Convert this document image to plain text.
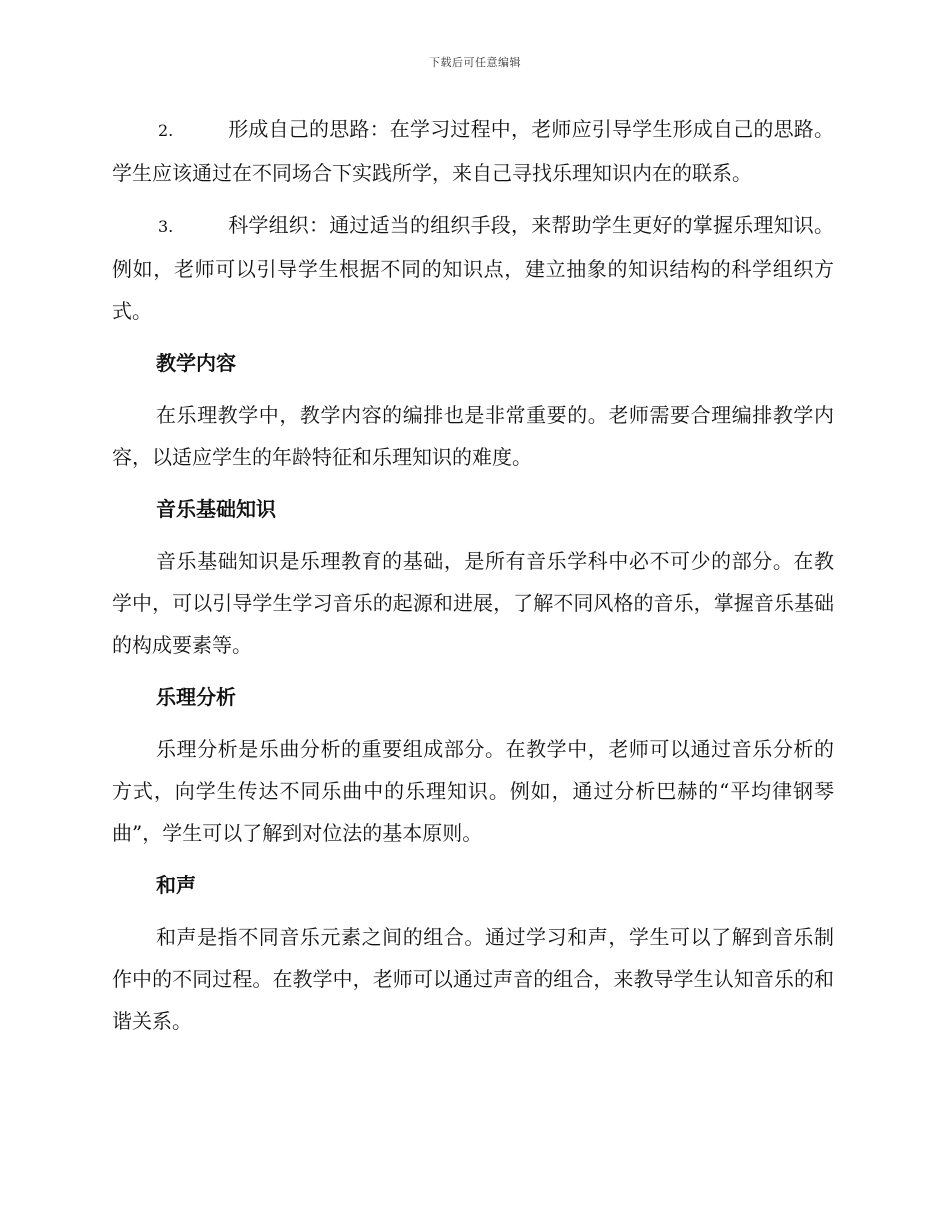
下载后可任意编辑

2.	形成自己的思路：在学习过程中，老师应引导学生形成自己的思路。学生应该通过在不同场合下实践所学，来自己寻找乐理知识内在的联系。

3.	科学组织：通过适当的组织手段，来帮助学生更好的掌握乐理知识。例如，老师可以引导学生根据不同的知识点，建立抽象的知识结构的科学组织方式。

教学内容

在乐理教学中，教学内容的编排也是非常重要的。老师需要合理编排教学内容，以适应学生的年龄特征和乐理知识的难度。

音乐基础知识

音乐基础知识是乐理教育的基础，是所有音乐学科中必不可少的部分。在教学中，可以引导学生学习音乐的起源和进展，了解不同风格的音乐，掌握音乐基础的构成要素等。

乐理分析

乐理分析是乐曲分析的重要组成部分。在教学中，老师可以通过音乐分析的方式，向学生传达不同乐曲中的乐理知识。例如，通过分析巴赫的“平均律钢琴曲”，学生可以了解到对位法的基本原则。

和声

和声是指不同音乐元素之间的组合。通过学习和声，学生可以了解到音乐制作中的不同过程。在教学中，老师可以通过声音的组合，来教导学生认知音乐的和谐关系。
